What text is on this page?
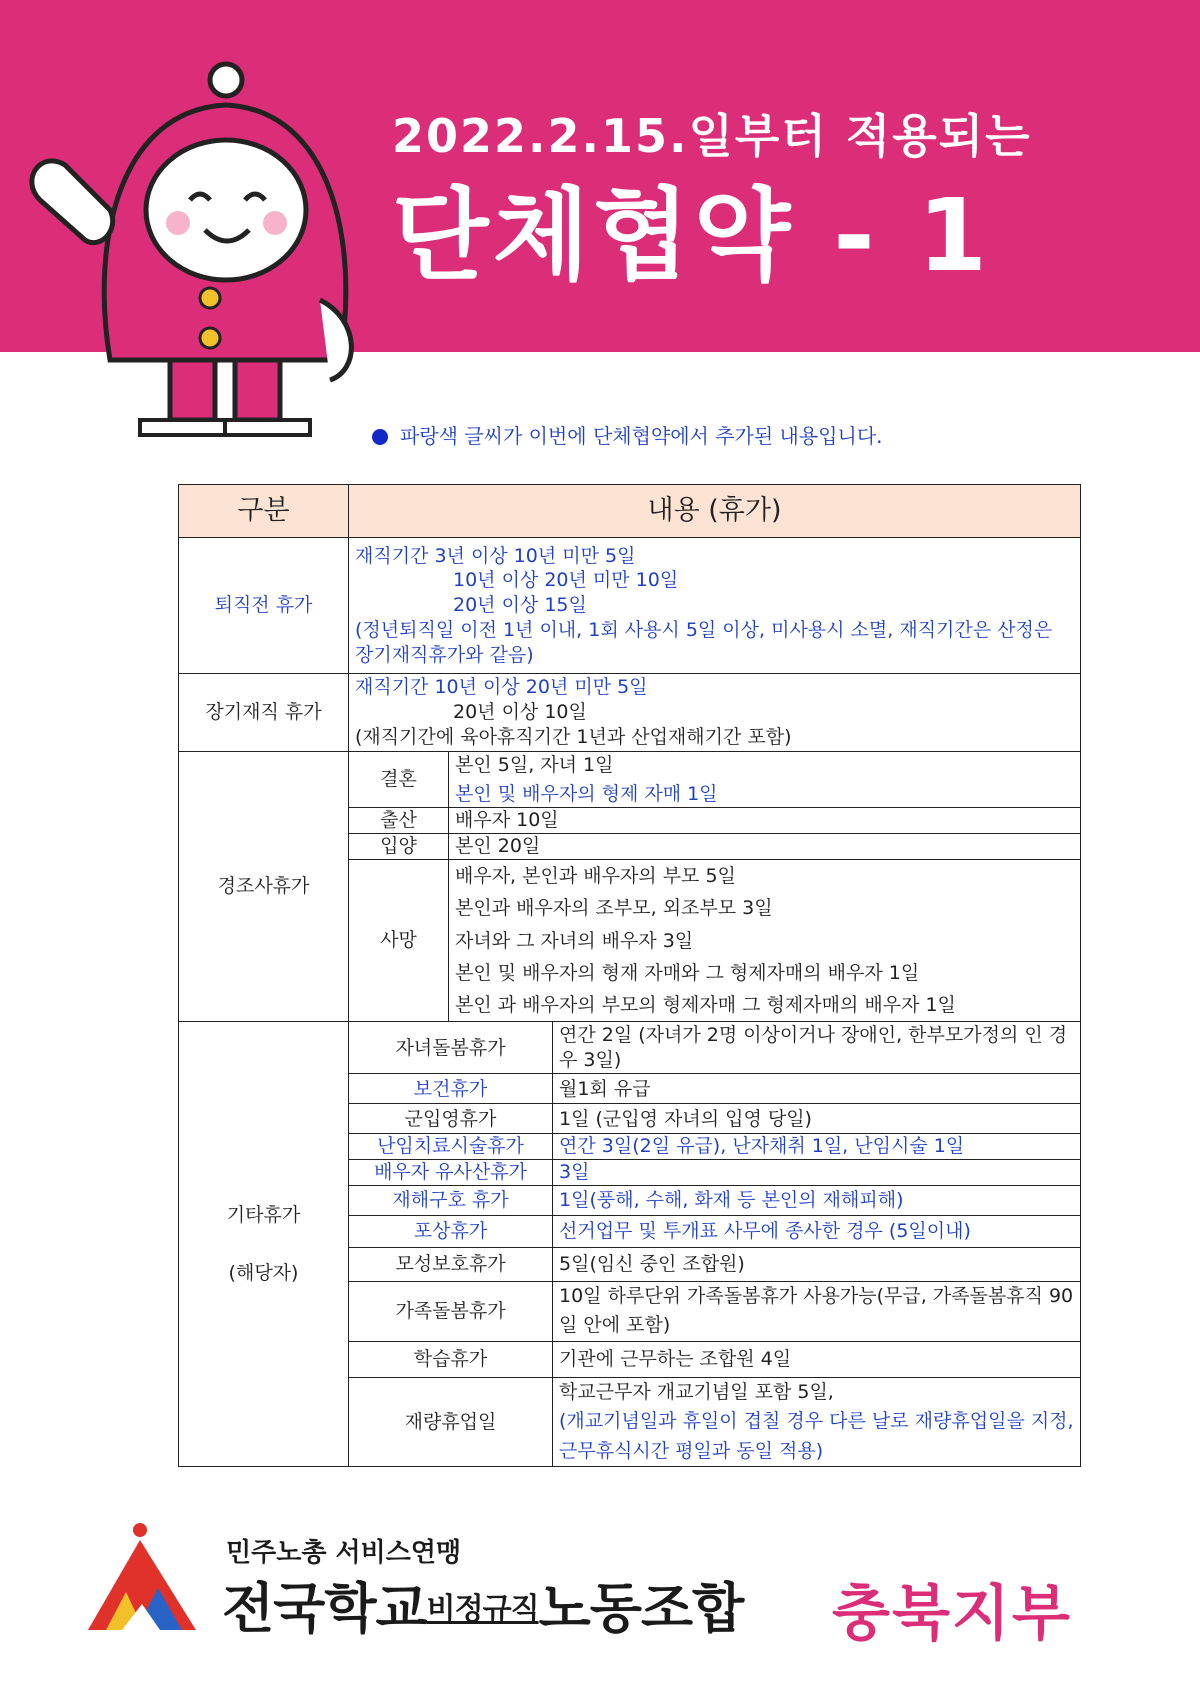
2022.2.15.일부터 적용되는
단체협약 - 1
파랑색 글씨가 이번에 단체협약에서 추가된 내용입니다.
구분	내용 (휴가)		
퇴직전 휴가	재직기간 3년 이상 10년 미만 5일
10년 이상 20년 미만 10일
20년 이상 15일
(정년퇴직일 이전 1년 이내, 1회 사용시 5일 이상, 미사용시 소멸, 재직기간은 산정은 장기재직휴가와 같음)		

장기재직 휴가	재직기간 10년 이상 20년 미만 5일
20년 이상 10일
(재직기간에 육아휴직기간 1년과 산업재해기간 포함)		

경조사휴가	결혼	본인 5일, 자녀 1일
본인 및 배우자의 형제 자매 1일	

	출산	배우자 10일	
	입양	본인 20일	
	사망	배우자, 본인과 배우자의 부모 5일
본인과 배우자의 조부모, 외조부모 3일
자녀와 그 자녀의 배우자 3일
본인 및 배우자의 형재 자매와 그 형제자매의 배우자 1일
본인 과 배우자의 부모의 형제자매 그 형제자매의 배우자 1일	

기타휴가
(해당자)	자녀돌봄휴가		연간 2일 (자녀가 2명 이상이거나 장애인, 한부모가정의 인 경우 3일)
	보건휴가		월1회 유급
	군입영휴가		1일 (군입영 자녀의 입영 당일)
	난임치료시술휴가		연간 3일(2일 유급), 난자채취 1일, 난임시술 1일
	배우자 유사산휴가		3일
	재해구호 휴가		1일(풍해, 수해, 화재 등 본인의 재해피해)
	포상휴가		선거업무 및 투개표 사무에 종사한 경우 (5일이내)
	모성보호휴가		5일(임신 중인 조합원)
	가족돌봄휴가		10일 하루단위 가족돌봄휴가 사용가능(무급, 가족돌봄휴직 90일 안에 포함)
	학습휴가		기관에 근무하는 조합원 4일
	재량휴업일		학교근무자 개교기념일 포함 5일,
(개교기념일과 휴일이 겹칠 경우 다른 날로 재량휴업일을 지정, 근무휴식시간 평일과 동일 적용)
민주노총 서비스연맹
전국학교비정규직노동조합 충북지부
